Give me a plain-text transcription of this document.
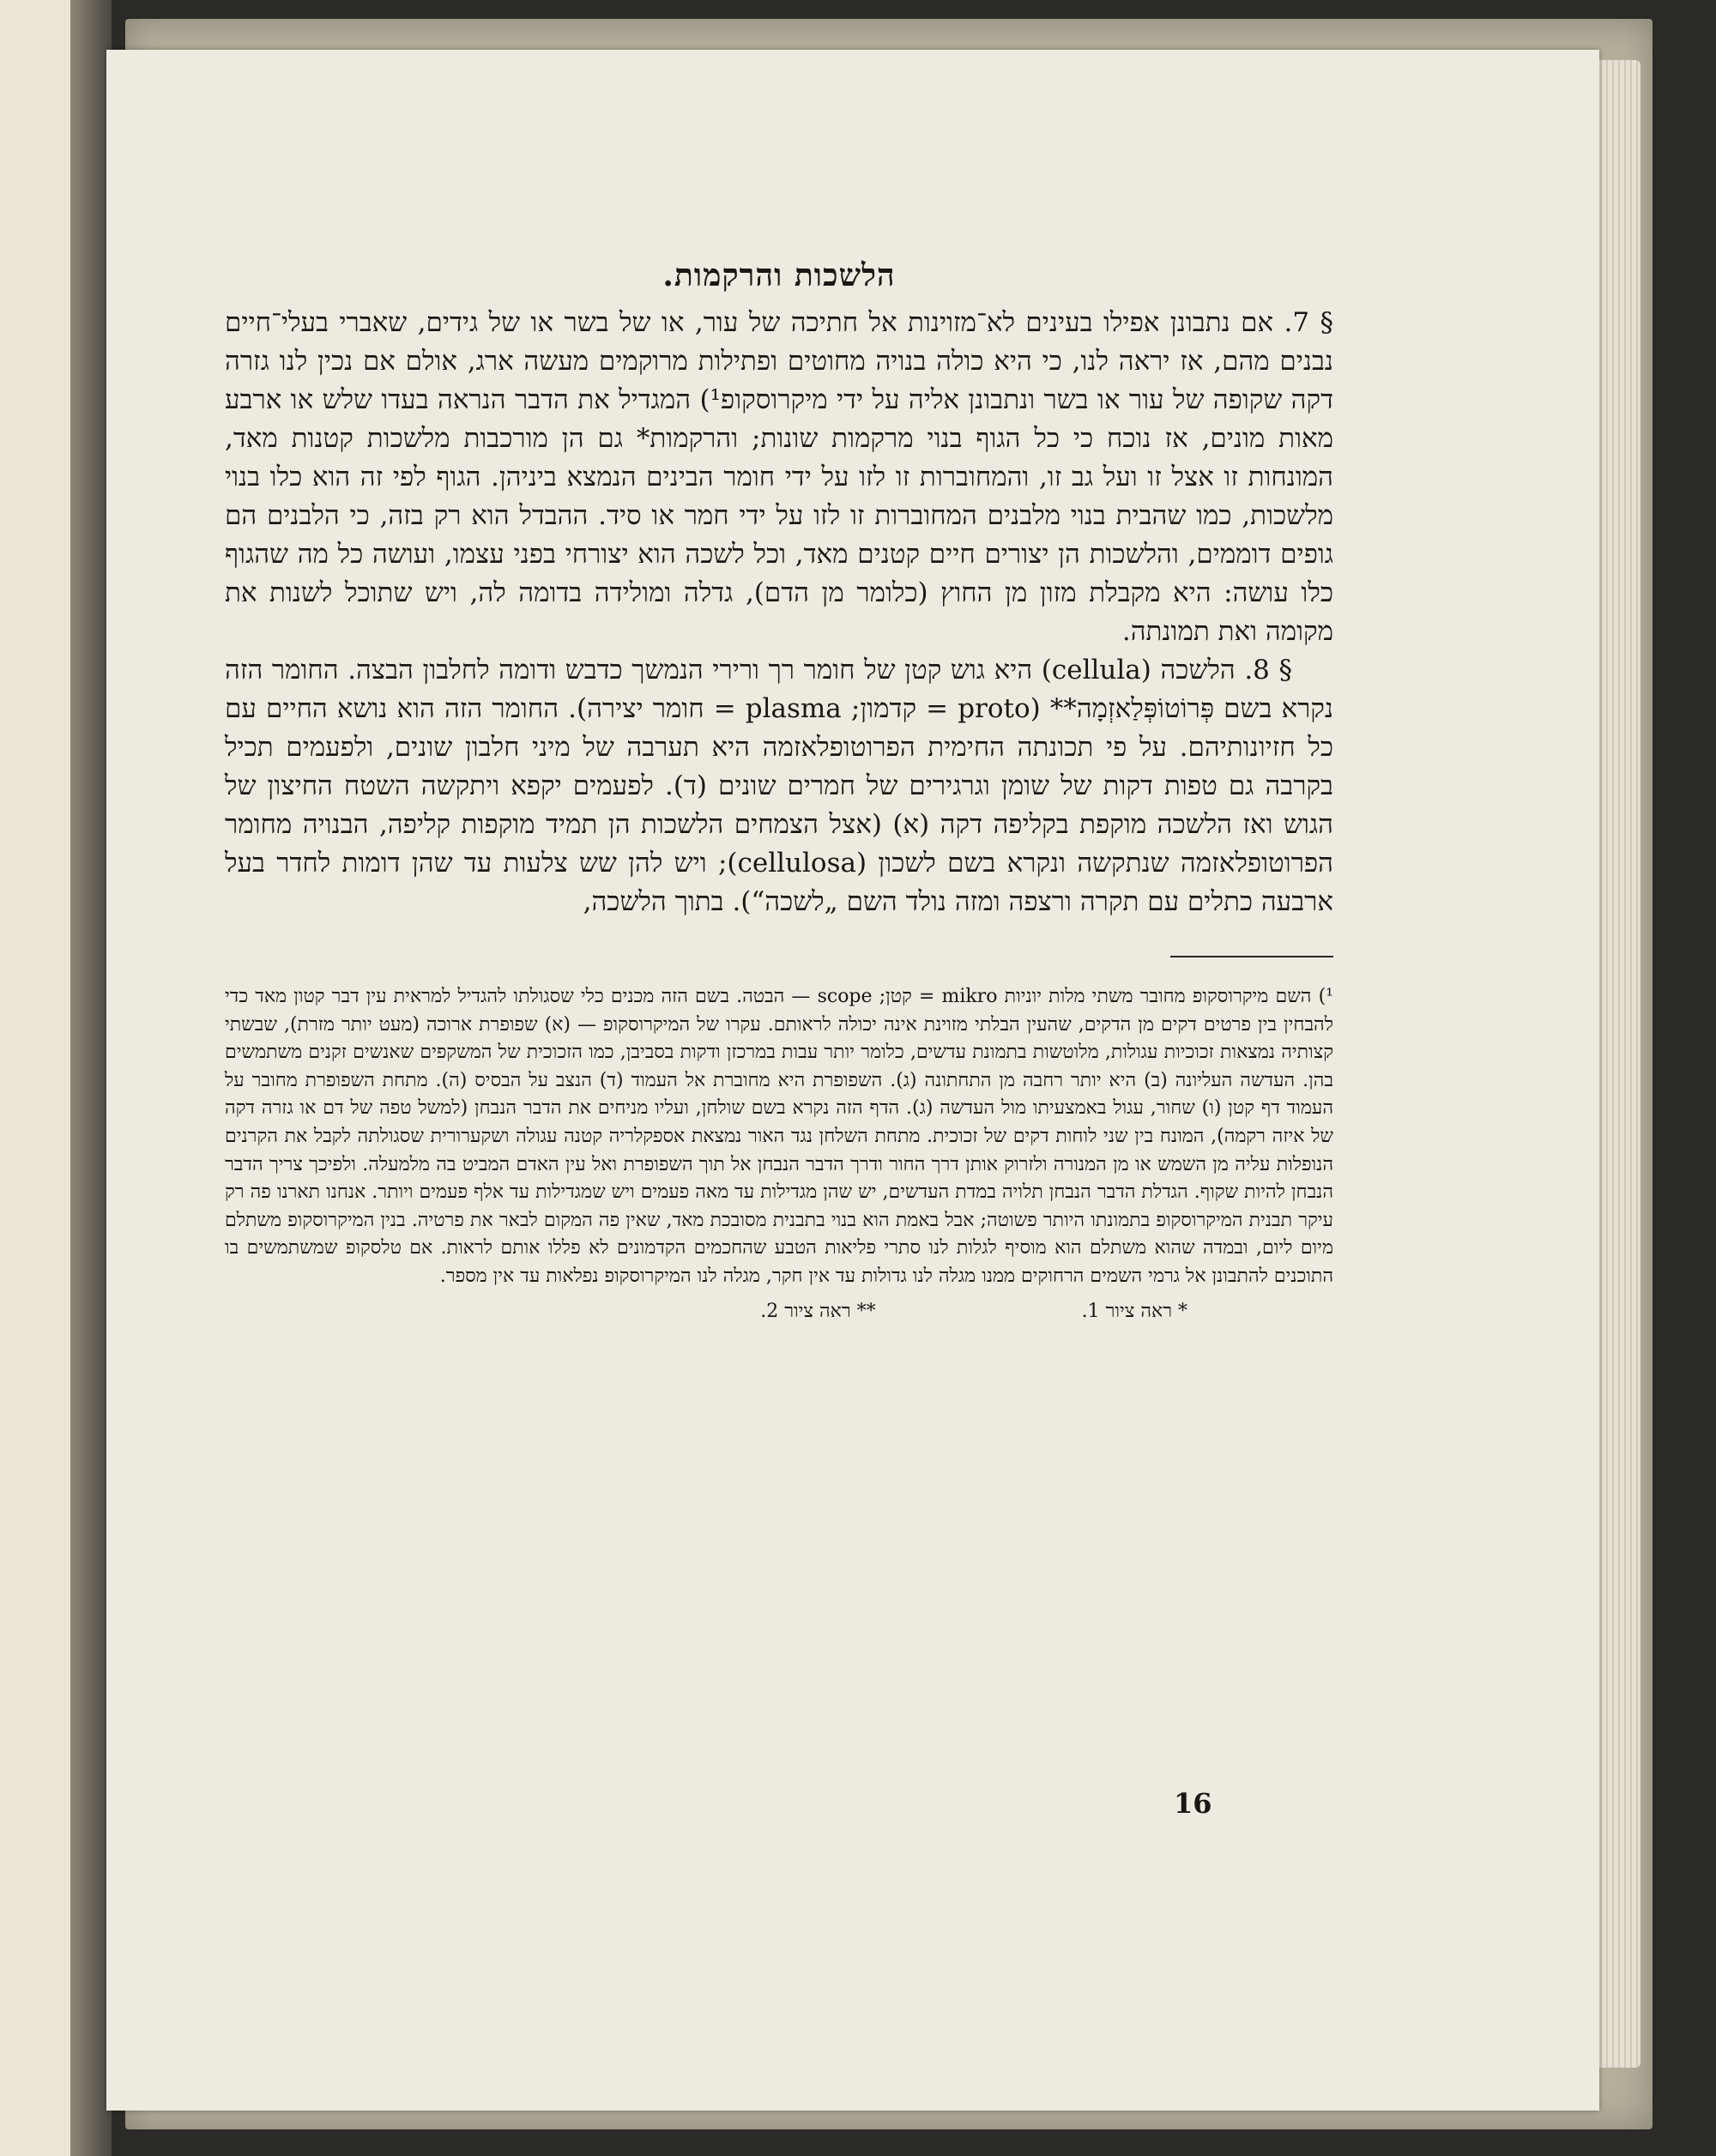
הלשכות והרקמות.

§ 7. אם נתבונן אפילו בעינים לא־מזוינות אל חתיכה של עור, או של בשר או של גידים, שאברי בעלי־חיים נבנים מהם, אז יראה לנו, כי היא כולה בנויה מחוטים ופתילות מרוקמים מעשה ארג, אולם אם נכין לנו גזרה דקה שקופה של עור או בשר ונתבונן אליה על ידי מיקרוסקופ¹) המגדיל את הדבר הנראה בעדו שלש או ארבע מאות מונים, אז נוכח כי כל הגוף בנוי מרקמות שונות; והרקמות* גם הן מורכבות מלשכות קטנות מאד, המונחות זו אצל זו ועל גב זו, והמחוברות זו לזו על ידי חומר הבינים הנמצא ביניהן. הגוף לפי זה הוא כלו בנוי מלשכות, כמו שהבית בנוי מלבנים המחוברות זו לזו על ידי חמר או סיד. ההבדל הוא רק בזה, כי הלבנים הם גופים דוממים, והלשכות הן יצורים חיים קטנים מאד, וכל לשכה הוא יצורחי בפני עצמו, ועושה כל מה שהגוף כלו עושה: היא מקבלת מזון מן החוץ (כלומר מן הדם), גדלה ומולידה בדומה לה, ויש שתוכל לשנות את מקומה ואת תמונתה.

§ 8. הלשכה (cellula) היא גוש קטן של חומר רך ורירי הנמשך כדבש ודומה לחלבון הבצה. החומר הזה נקרא בשם פְּרוֹטוֹפְּלַאזְמָה** (proto = קדמון; plasma = חומר יצירה). החומר הזה הוא נושא החיים עם כל חזיונותיהם. על פי תכונתה החימית הפרוטופלאזמה היא תערבה של מיני חלבון שונים, ולפעמים תכיל בקרבה גם טפות דקות של שומן וגרגירים של חמרים שונים (ד). לפעמים יקפא ויתקשה השטח החיצון של הגוש ואז הלשכה מוקפת בקליפה דקה (א) (אצל הצמחים הלשכות הן תמיד מוקפות קליפה, הבנויה מחומר הפרוטופלאזמה שנתקשה ונקרא בשם לשכון (cellulosa); ויש להן שש צלעות עד שהן דומות לחדר בעל ארבעה כתלים עם תקרה ורצפה ומזה נולד השם „לשכה“). בתוך הלשכה,

¹) השם מיקרוסקופ מחובר משתי מלות יוניות mikro = קטן; scope — הבטה. בשם הזה מכנים כלי שסגולתו להגדיל למראית עין דבר קטון מאד כדי להבחין בין פרטים דקים מן הדקים, שהעין הבלתי מזוינת אינה יכולה לראותם. עקרו של המיקרוסקופ — (א) שפופרת ארוכה (מעט יותר מזרת), שבשתי קצותיה נמצאות זכוכיות עגולות, מלוטשות בתמונת עדשים, כלומר יותר עבות במרכזן ודקות בסביבן, כמו הזכוכית של המשקפים שאנשים זקנים משתמשים בהן. העדשה העליונה (ב) היא יותר רחבה מן התחתונה (ג). השפופרת היא מחוברת אל העמוד (ד) הנצב על הבסיס (ה). מתחת השפופרת מחובר על העמוד דף קטן (ו) שחור, עגול באמצעיתו מול העדשה (ג). הדף הזה נקרא בשם שולחן, ועליו מניחים את הדבר הנבחן (למשל טפה של דם או גזרה דקה של איזה רקמה), המונח בין שני לוחות דקים של זכוכית. מתחת השלחן נגד האור נמצאת אספקלריה קטנה עגולה ושקערורית שסגולתה לקבל את הקרנים הנופלות עליה מן השמש או מן המנורה ולזרוק אותן דרך החור ודרך הדבר הנבחן אל תוך השפופרת ואל עין האדם המביט בה מלמעלה. ולפיכך צריך הדבר הנבחן להיות שקוף. הגדלת הדבר הנבחן תלויה במדת העדשים, יש שהן מגדילות עד מאה פעמים ויש שמגדילות עד אלף פעמים ויותר. אנחנו תארנו פה רק עיקר תבנית המיקרוסקופ בתמונתו היותר פשוטה; אבל באמת הוא בנוי בתבנית מסובכת מאד, שאין פה המקום לבאר את פרטיה. בנין המיקרוסקופ משתלם מיום ליום, ובמדה שהוא משתלם הוא מוסיף לגלות לנו סתרי פליאות הטבע שהחכמים הקדמונים לא פללו אותם לראות. אם טלסקופ שמשתמשים בו התוכנים להתבונן אל גרמי השמים הרחוקים ממנו מגלה לנו גדולות עד אין חקר, מגלה לנו המיקרוסקופ נפלאות עד אין מספר.

* ראה ציור 1.
** ראה ציור 2.
16
